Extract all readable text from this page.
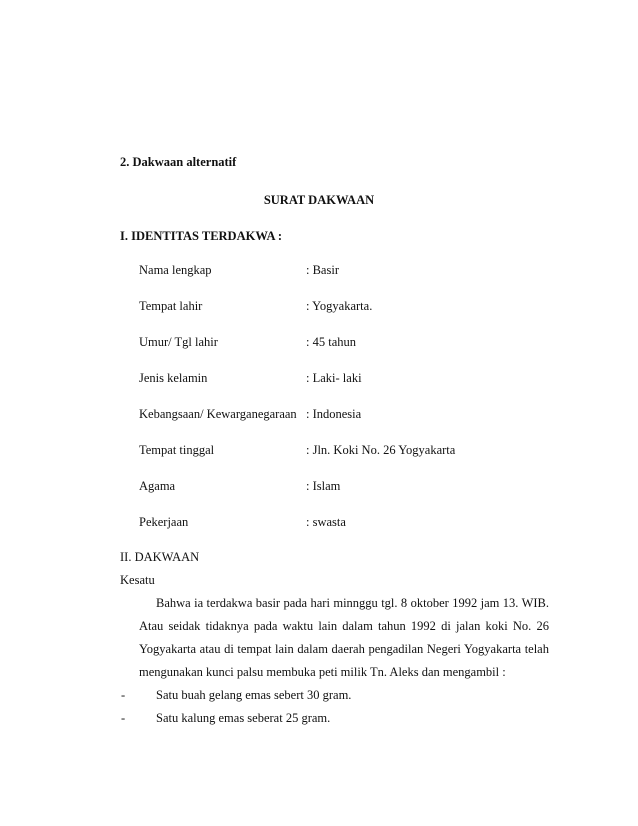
2. Dakwaan alternatif
SURAT DAKWAAN
I. IDENTITAS TERDAKWA :
Nama lengkap	: Basir
Tempat lahir	: Yogyakarta.
Umur/ Tgl lahir	: 45 tahun
Jenis kelamin	: Laki- laki
Kebangsaan/ Kewarganegaraan : Indonesia
Tempat tinggal	: Jln. Koki No. 26 Yogyakarta
Agama	: Islam
Pekerjaan	: swasta
II. DAKWAAN
Kesatu
Bahwa ia terdakwa basir pada hari minnggu tgl. 8 oktober 1992 jam 13. WIB.
Atau seidak tidaknya pada waktu lain dalam tahun 1992 di jalan koki No. 26
Yogyakarta atau di tempat lain dalam daerah pengadilan Negeri Yogyakarta telah
mengunakan kunci palsu membuka peti milik Tn. Aleks dan mengambil :
- Satu buah gelang emas sebert 30 gram.
- Satu kalung emas seberat 25 gram.
